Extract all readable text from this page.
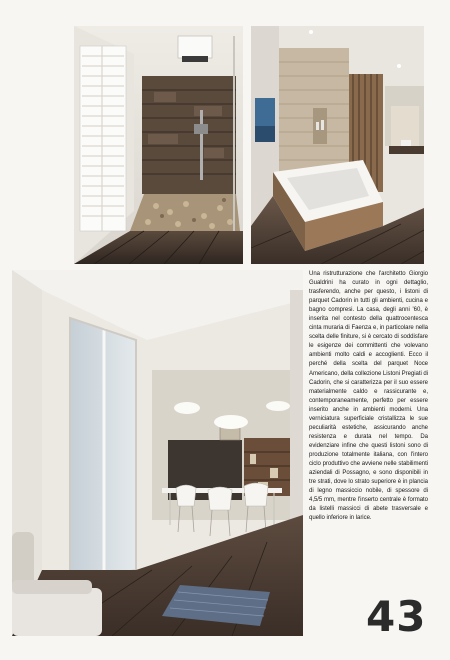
Una ristrutturazione che l'architetto Giorgio Gualdrini ha curato in ogni dettaglio, trasferendo, anche per questo, i listoni di parquet Cadorin in tutti gli ambienti, cucina e bagno compresi. La casa, degli anni '60, è inserita nel contesto della quattrocentesca cinta muraria di Faenza e, in particolare nella scelta delle finiture, si è cercato di soddisfare le esigenze dei committenti che volevano ambienti molto caldi e accoglienti. Ecco il perché della scelta del parquet Noce Americano, della collezione Listoni Pregiati di Cadorin, che si caratterizza per il suo essere materialmente caldo e rassicurante e, contemporaneamente, perfetto per essere inserito anche in ambienti moderni. Una verniciatura superficiale cristallizza le sue peculiarità estetiche, assicurando anche resistenza e durata nel tempo. Da evidenziare infine che questi listoni sono di produzione totalmente italiana, con l'intero ciclo produttivo che avviene nelle stabilimenti aziendali di Possagno, e sono disponibili in tre strati, dove lo strato superiore è in plancia di legno massiccio nobile, di spessore di 4,5/5 mm, mentre l'inserto centrale è formato da listelli massicci di abete trasversale e quello inferiore in larice.
43
